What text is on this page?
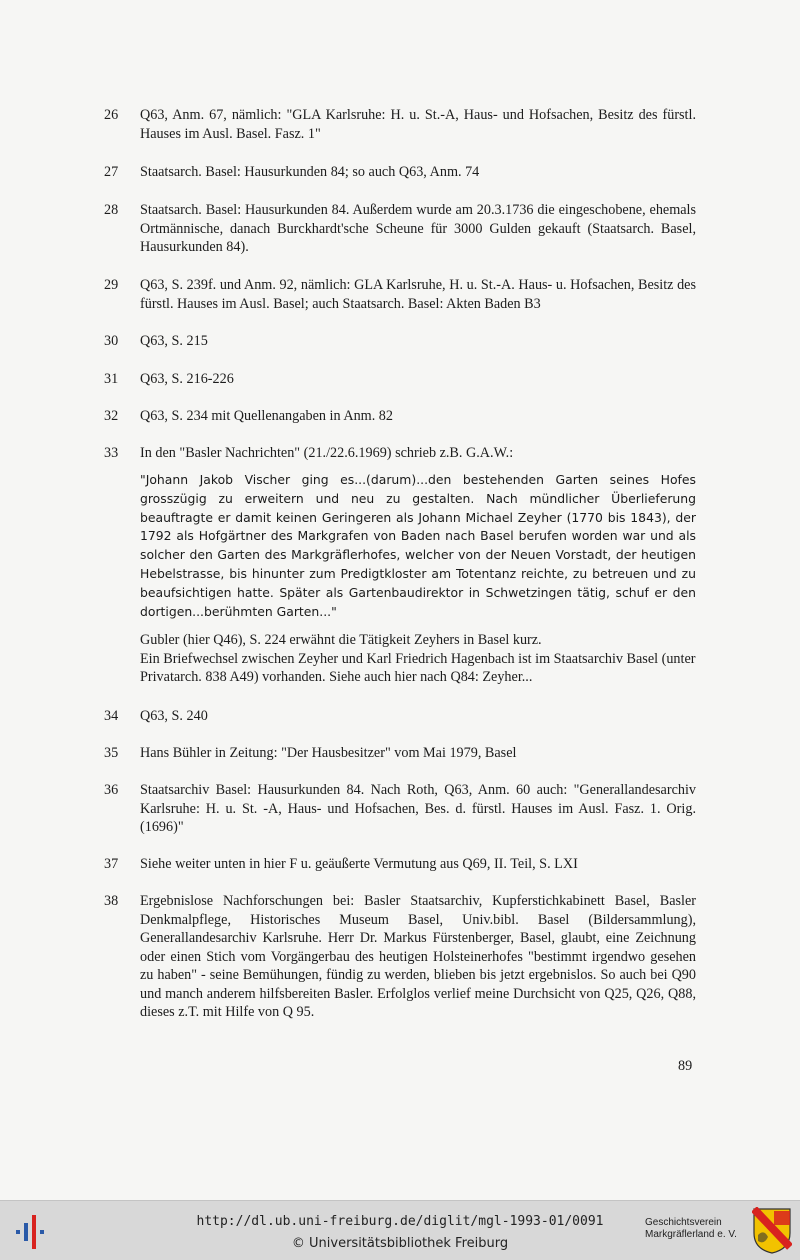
26	Q63, Anm. 67, nämlich: "GLA Karlsruhe: H. u. St.-A, Haus- und Hofsachen, Besitz des fürstl. Hauses im Ausl. Basel. Fasz. 1"
27	Staatsarch. Basel: Hausurkunden 84; so auch Q63, Anm. 74
28	Staatsarch. Basel: Hausurkunden 84. Außerdem wurde am 20.3.1736 die eingeschobene, ehemals Ortmännische, danach Burckhardt'sche Scheune für 3000 Gulden gekauft (Staatsarch. Basel, Hausurkunden 84).
29	Q63, S. 239f. und Anm. 92, nämlich: GLA Karlsruhe, H. u. St.-A. Haus- u. Hofsachen, Besitz des fürstl. Hauses im Ausl. Basel; auch Staatsarch. Basel: Akten Baden B3
30	Q63, S. 215
31	Q63, S. 216-226
32	Q63, S. 234 mit Quellenangaben in Anm. 82
33	In den "Basler Nachrichten" (21./22.6.1969) schrieb z.B. G.A.W.:
"Johann Jakob Vischer ging es...(darum)...den bestehenden Garten seines Hofes grosszügig zu erweitern und neu zu gestalten. Nach mündlicher Überlieferung beauftragte er damit keinen Geringeren als Johann Michael Zeyher (1770 bis 1843), der 1792 als Hofgärtner des Markgrafen von Baden nach Basel berufen worden war und als solcher den Garten des Markgräflerhofes, welcher von der Neuen Vorstadt, der heutigen Hebelstrasse, bis hinunter zum Predigtkloster am Totentanz reichte, zu betreuen und zu beaufsichtigen hatte. Später als Gartenbaudirektor in Schwetzingen tätig, schuf er den dortigen...berühmten Garten..."
Gubler (hier Q46), S. 224 erwähnt die Tätigkeit Zeyhers in Basel kurz.
Ein Briefwechsel zwischen Zeyher und Karl Friedrich Hagenbach ist im Staatsarchiv Basel (unter Privatarch. 838 A49) vorhanden. Siehe auch hier nach Q84: Zeyher...
34	Q63, S. 240
35	Hans Bühler in Zeitung: "Der Hausbesitzer" vom Mai 1979, Basel
36	Staatsarchiv Basel: Hausurkunden 84. Nach Roth, Q63, Anm. 60 auch: "Generallandesarchiv Karlsruhe: H. u. St. -A, Haus- und Hofsachen, Bes. d. fürstl. Hauses im Ausl. Fasz. 1. Orig. (1696)"
37	Siehe weiter unten in hier F u. geäußerte Vermutung aus Q69, II. Teil, S. LXI
38	Ergebnislose Nachforschungen bei: Basler Staatsarchiv, Kupferstichkabinett Basel, Basler Denkmalpflege, Historisches Museum Basel, Univ.bibl. Basel (Bildersammlung), Generallandesarchiv Karlsruhe. Herr Dr. Markus Fürstenberger, Basel, glaubt, eine Zeichnung oder einen Stich vom Vorgängerbau des heutigen Holsteinerhofes "bestimmt irgendwo gesehen zu haben" - seine Bemühungen, fündig zu werden, blieben bis jetzt ergebnislos. So auch bei Q90 und manch anderem hilfsbereiten Basler. Erfolglos verlief meine Durchsicht von Q25, Q26, Q88, dieses z.T. mit Hilfe von Q 95.
89
http://dl.ub.uni-freiburg.de/diglit/mgl-1993-01/0091
© Universitätsbibliothek Freiburg
Geschichtsverein
Markgräflerland e. V.
